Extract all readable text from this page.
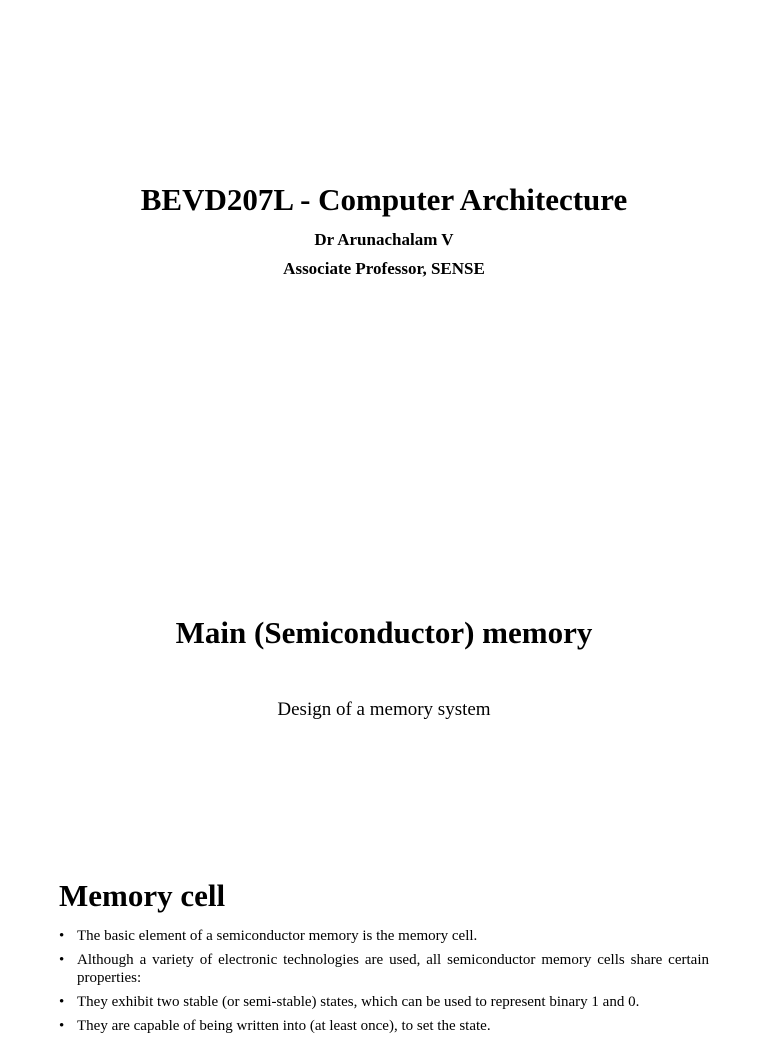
BEVD207L - Computer Architecture

Dr Arunachalam V

Associate Professor, SENSE

Main (Semiconductor) memory

Design of a memory system

Memory cell
• The basic element of a semiconductor memory is the memory cell.
• Although a variety of electronic technologies are used, all semiconductor memory cells share certain properties:
• They exhibit two stable (or semi-stable) states, which can be used to represent binary 1 and 0.
• They are capable of being written into (at least once), to set the state.
